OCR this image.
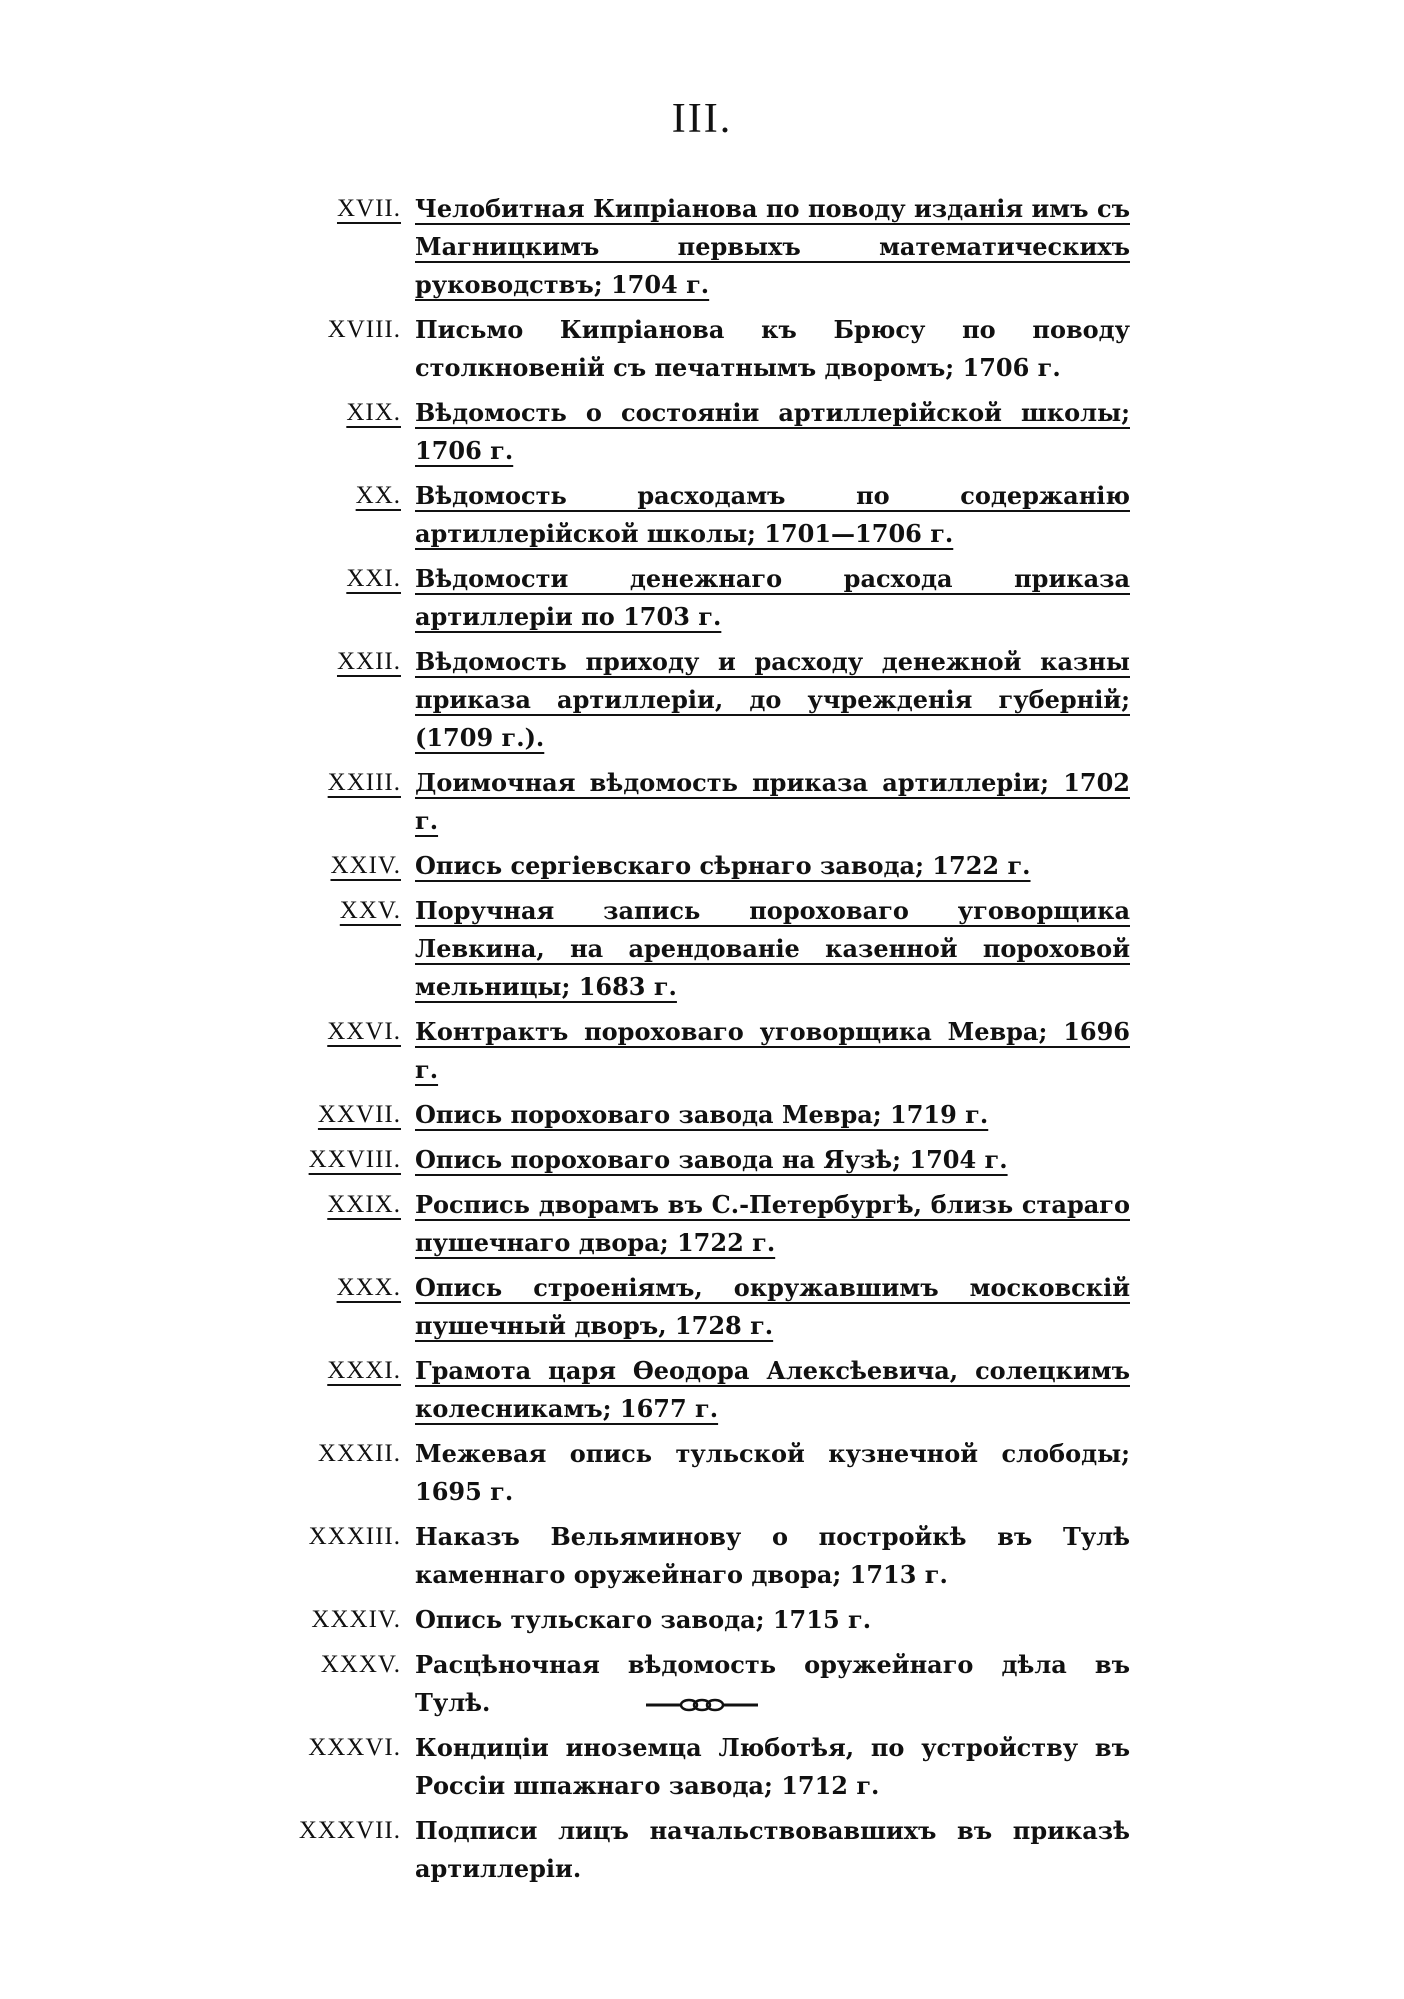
III.
XVII. Челобитная Кипріанова по поводу изданія имъ съ Магницкимъ первыхъ математическихъ руководствъ; 1704 г.
XVIII. Письмо Кипріанова къ Брюсу по поводу столкновеній съ печатнымъ дворомъ; 1706 г.
XIX. Вѣдомость о состояніи артиллерійской школы; 1706 г.
XX. Вѣдомость расходамъ по содержанію артиллерійской школы; 1701—1706 г.
XXI. Вѣдомости денежнаго расхода приказа артиллеріи по 1703 г.
XXII. Вѣдомость приходу и расходу денежной казны приказа артиллеріи, до учрежденія губерній; (1709 г.).
XXIII. Доимочная вѣдомость приказа артиллеріи; 1702 г.
XXIV. Опись сергіевскаго сѣрнаго завода; 1722 г.
XXV. Поручная запись пороховаго уговорщика Левкина, на арендованіе казенной пороховой мельницы; 1683 г.
XXVI. Контрактъ пороховаго уговорщика Мевра; 1696 г.
XXVII. Опись пороховаго завода Мевра; 1719 г.
XXVIII. Опись пороховаго завода на Яузѣ; 1704 г.
XXIX. Роспись дворамъ въ С.-Петербургѣ, близь стараго пушечнаго двора; 1722 г.
XXX. Опись строеніямъ, окружавшимъ московскій пушечный дворъ, 1728 г.
XXXI. Грамота царя Ѳеодора Алексѣевича, солецкимъ колесникамъ; 1677 г.
XXXII. Межевая опись тульской кузнечной слободы; 1695 г.
XXXIII. Наказъ Вельяминову о постройкѣ въ Тулѣ каменнаго оружейнаго двора; 1713 г.
XXXIV. Опись тульскаго завода; 1715 г.
XXXV. Расцѣночная вѣдомость оружейнаго дѣла въ Тулѣ.
XXXVI. Кондиціи иноземца Люботѣя, по устройству въ Россіи шпажнаго завода; 1712 г.
XXXVII. Подписи лицъ начальствовавшихъ въ приказѣ артиллеріи.
